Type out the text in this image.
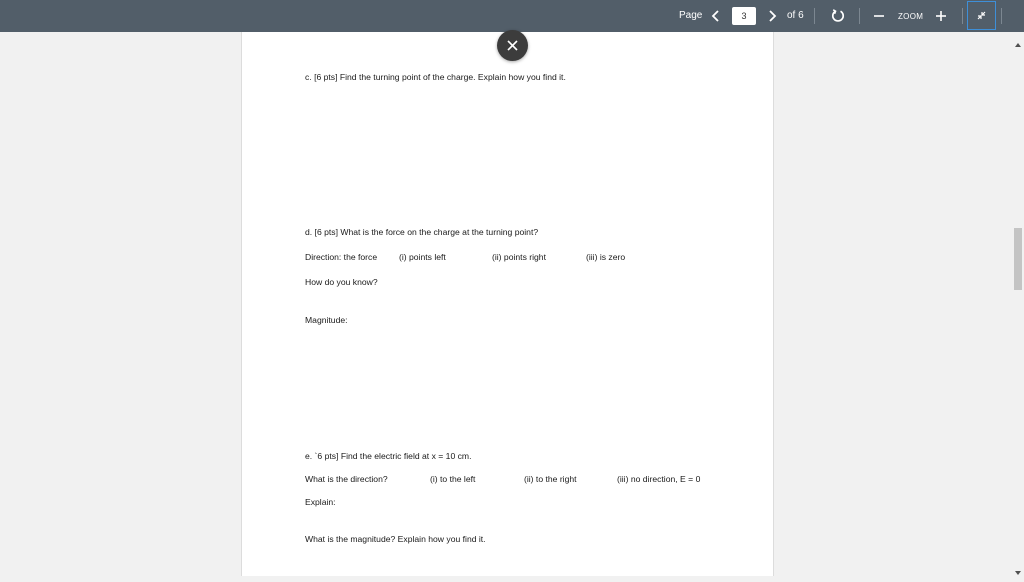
Page
3	of 6	ZOOM
c. [6 pts] Find the turning point of the charge. Explain how you find it.
d. [6 pts] What is the force on the charge at the turning point?
Direction: the force	(i) points left	(ii) points right	(iii) is zero
How do you know?
Magnitude:
e. `6 pts] Find the electric field at x = 10 cm.
What is the direction?	(i) to the left	(ii) to the right	(iii) no direction, E = 0
Explain:
What is the magnitude? Explain how you find it.
